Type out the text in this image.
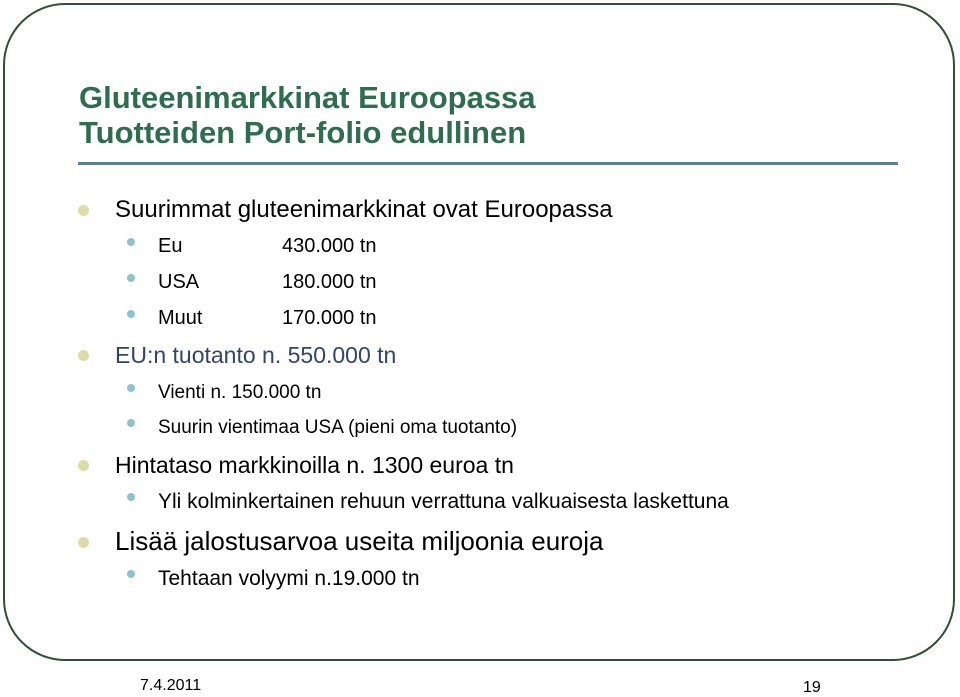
Gluteenimarkkinat Euroopassa
Tuotteiden Port-folio edullinen
Suurimmat gluteenimarkkinat ovat Euroopassa
Eu	430.000 tn
USA	180.000 tn
Muut	170.000 tn
EU:n tuotanto n. 550.000 tn
Vienti n. 150.000 tn
Suurin vientimaa USA (pieni oma tuotanto)
Hintataso markkinoilla n. 1300 euroa tn
Yli kolminkertainen rehuun verrattuna valkuaisesta laskettuna
Lisää jalostusarvoa useita miljoonia euroja
Tehtaan volyymi n.19.000 tn
7.4.2011	19
